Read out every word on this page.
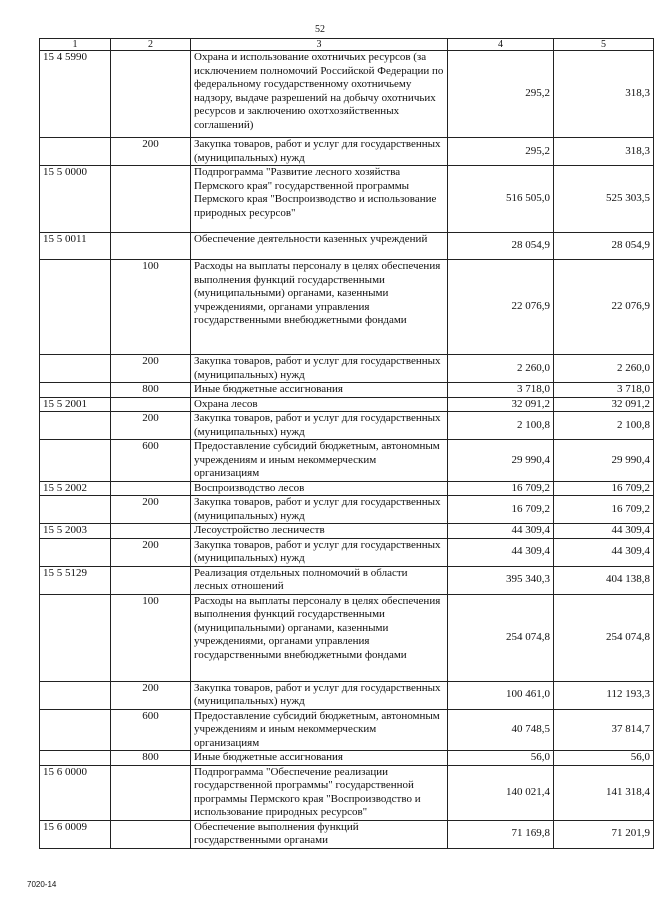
52
1	2	3	4	5
15 4 5990		Охрана и использование охотничьих ресурсов (за исключением полномочий Российской Федерации по федеральному государственному охотничьему надзору, выдаче разрешений на добычу охотничьих ресурсов и заключению охотхозяйственных соглашений)	295,2	318,3
	200	Закупка товаров, работ и услуг для государственных (муниципальных) нужд	295,2	318,3
15 5 0000		Подпрограмма "Развитие лесного хозяйства Пермского края" государственной программы Пермского края "Воспроизводство и использование природных ресурсов"	516 505,0	525 303,5
15 5 0011		Обеспечение деятельности казенных учреждений	28 054,9	28 054,9
	100	Расходы на выплаты персоналу в целях обеспечения выполнения функций государственными (муниципальными) органами, казенными учреждениями, органами управления государственными внебюджетными фондами	22 076,9	22 076,9
	200	Закупка товаров, работ и услуг для государственных (муниципальных) нужд	2 260,0	2 260,0
	800	Иные бюджетные ассигнования	3 718,0	3 718,0
15 5 2001		Охрана лесов	32 091,2	32 091,2
	200	Закупка товаров, работ и услуг для государственных (муниципальных) нужд	2 100,8	2 100,8
	600	Предоставление субсидий бюджетным, автономным учреждениям и иным некоммерческим организациям	29 990,4	29 990,4
15 5 2002		Воспроизводство лесов	16 709,2	16 709,2
	200	Закупка товаров, работ и услуг для государственных (муниципальных) нужд	16 709,2	16 709,2
15 5 2003		Лесоустройство лесничеств	44 309,4	44 309,4
	200	Закупка товаров, работ и услуг для государственных (муниципальных) нужд	44 309,4	44 309,4
15 5 5129		Реализация отдельных полномочий в области лесных отношений	395 340,3	404 138,8
	100	Расходы на выплаты персоналу в целях обеспечения выполнения функций государственными (муниципальными) органами, казенными учреждениями, органами управления государственными внебюджетными фондами	254 074,8	254 074,8
	200	Закупка товаров, работ и услуг для государственных (муниципальных) нужд	100 461,0	112 193,3
	600	Предоставление субсидий бюджетным, автономным учреждениям и иным некоммерческим организациям	40 748,5	37 814,7
	800	Иные бюджетные ассигнования	56,0	56,0
15 6 0000		Подпрограмма "Обеспечение реализации государственной программы" государственной программы Пермского края "Воспроизводство и использование природных ресурсов"	140 021,4	141 318,4
15 6 0009		Обеспечение выполнения функций государственными органами	71 169,8	71 201,9
7020-14
